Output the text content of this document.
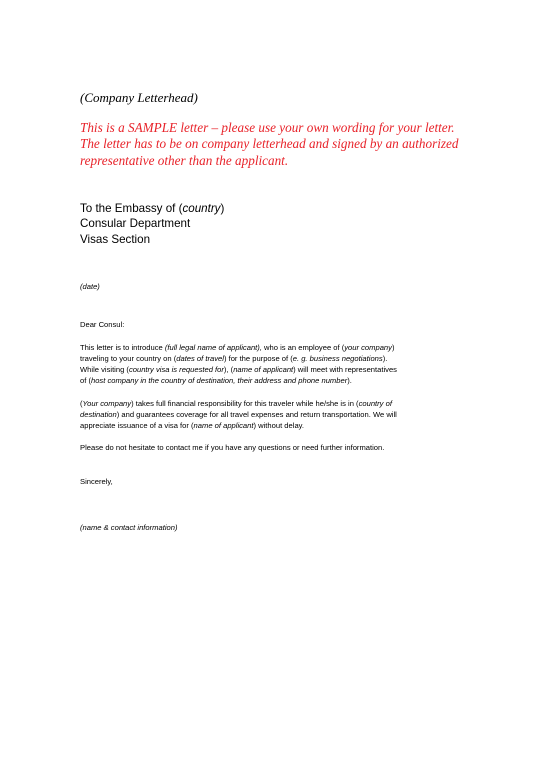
(Company Letterhead)

This is a SAMPLE letter – please use your own wording for your letter. The letter has to be on company letterhead and signed by an authorized representative other than the applicant.

To the Embassy of (country)
Consular Department
Visas Section

(date)

Dear Consul:

This letter is to introduce (full legal name of applicant), who is an employee of (your company)
traveling to your country on (dates of travel) for the purpose of (e. g. business negotiations).
While visiting (country visa is requested for), (name of applicant) will meet with representatives
of (host company in the country of destination, their address and phone number).

(Your company) takes full financial responsibility for this traveler while he/she is in (country of
destination) and guarantees coverage for all travel expenses and return transportation. We will
appreciate issuance of a visa for (name of applicant) without delay.

Please do not hesitate to contact me if you have any questions or need further information.

Sincerely,

(name & contact information)
